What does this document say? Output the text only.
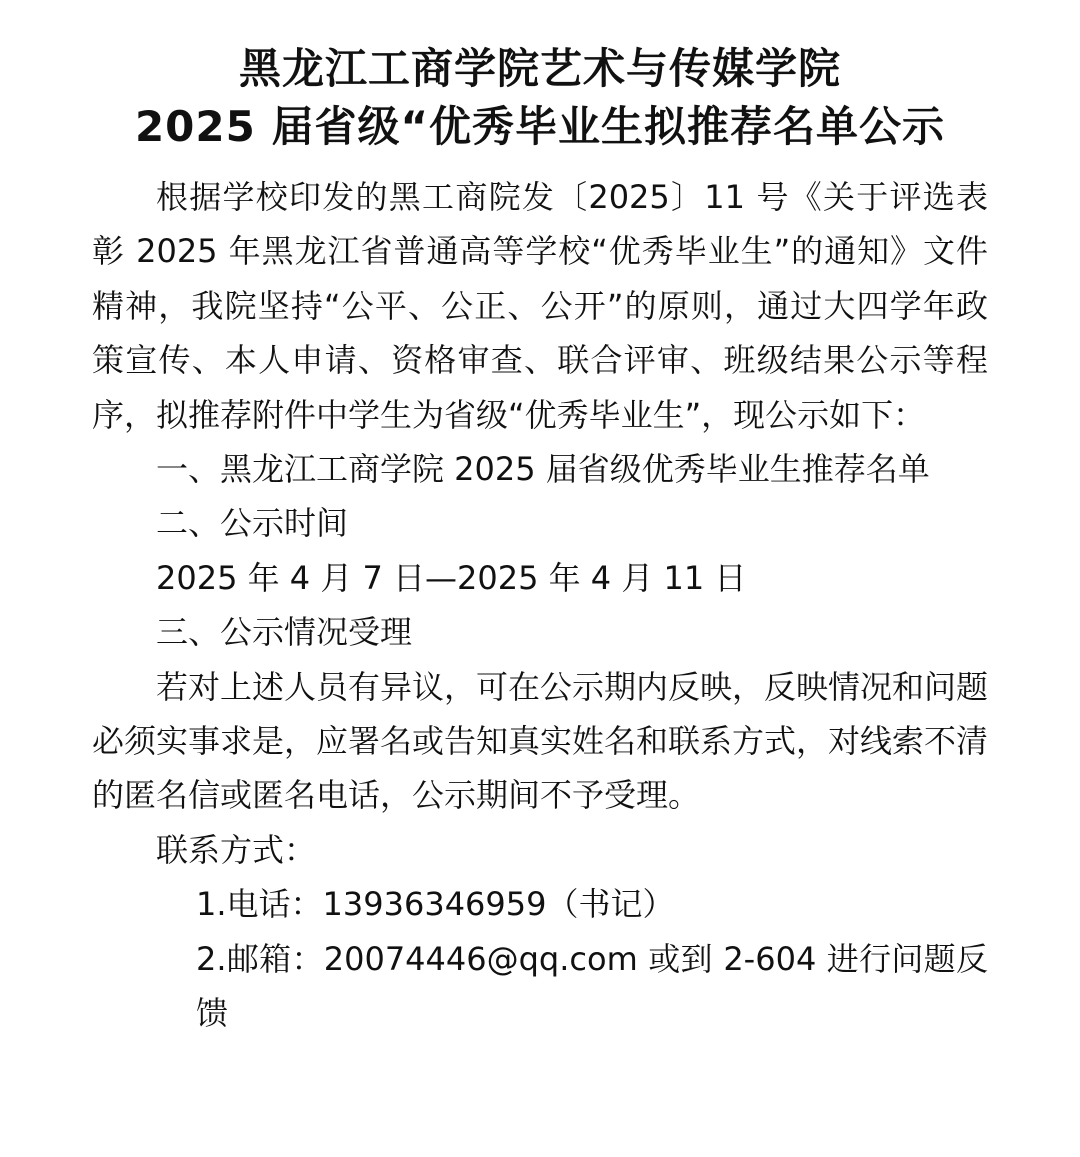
黑龙江工商学院艺术与传媒学院
2025 届省级“优秀毕业生拟推荐名单公示

根据学校印发的黑工商院发〔2025〕11 号《关于评选表彰 2025 年黑龙江省普通高等学校“优秀毕业生”的通知》文件精神，我院坚持“公平、公正、公开”的原则，通过大四学年政策宣传、本人申请、资格审查、联合评审、班级结果公示等程序，拟推荐附件中学生为省级“优秀毕业生”，现公示如下：

一、黑龙江工商学院 2025 届省级优秀毕业生推荐名单

二、公示时间

2025 年 4 月 7 日—2025 年 4 月 11 日

三、公示情况受理

若对上述人员有异议，可在公示期内反映，反映情况和问题必须实事求是，应署名或告知真实姓名和联系方式，对线索不清的匿名信或匿名电话，公示期间不予受理。

联系方式：

1.电话：13936346959（书记）

2.邮箱：20074446@qq.com 或到 2-604 进行问题反馈
